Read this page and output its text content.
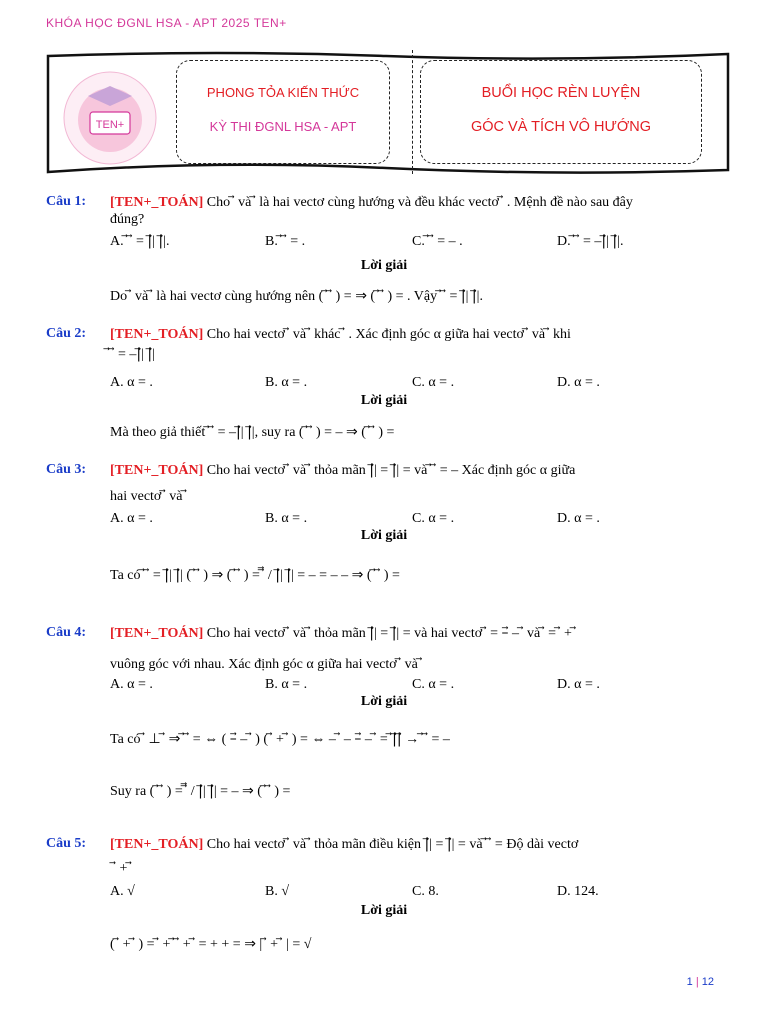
KHÓA HỌC ĐGNL HSA - APT 2025 TEN+
TEN+
PHONG TỎA KIẾN THỨC
KỲ THI ĐGNL HSA - APT
BUỔI HỌC RÈN LUYỆN
GÓC VÀ TÍCH VÔ HƯỚNG
Câu 1: [TEN+_TOÁN] Cho ⃗ và ⃗ là hai vectơ cùng hướng và đều khác vectơ ⃗ . Mệnh đề nào sau đây
đúng?
A. ⃗ ⃗ = |⃗| |⃗|.	B. ⃗ ⃗ = .	C. ⃗ ⃗ = – .	D. ⃗ ⃗ = –|⃗| |⃗|.
Lời giải
Do ⃗ và ⃗ là hai vectơ cùng hướng nên ( ⃗ ⃗ ) = ⇒ ( ⃗ ⃗ ) = . Vậy ⃗ ⃗ = |⃗| |⃗|.
Câu 2: [TEN+_TOÁN] Cho hai vectơ ⃗ và ⃗ khác ⃗ . Xác định góc α giữa hai vectơ ⃗ và ⃗ khi
⃗ ⃗ = –|⃗| |⃗|
A. α = .	B. α = .	C. α = .	D. α = .
Lời giải
Mà theo giả thiết ⃗ ⃗ = –|⃗| |⃗|, suy ra ( ⃗ ⃗ ) = – ⇒ ( ⃗ ⃗ ) =
Câu 3: [TEN+_TOÁN] Cho hai vectơ ⃗ và ⃗ thỏa mãn |⃗| = |⃗| = và ⃗ ⃗ = – Xác định góc α giữa
hai vectơ ⃗ và ⃗
A. α = .	B. α = .	C. α = .	D. α = .
Lời giải
Ta có ⃗ ⃗ = |⃗| |⃗| ( ⃗ ⃗ ) ⇒ ( ⃗ ⃗ ) = ⃗⃗ / |⃗| |⃗| = – = – – ⇒ ( ⃗ ⃗ ) =
Câu 4: [TEN+_TOÁN] Cho hai vectơ ⃗ và ⃗ thỏa mãn |⃗| = |⃗| = và hai vectơ ⃗ = –⃗ – ⃗ và ⃗ = ⃗ + ⃗
vuông góc với nhau. Xác định góc α giữa hai vectơ ⃗ và ⃗
A. α = .	B. α = .	C. α = .	D. α = .
Lời giải
Ta có ⃗ ⊥ ⃗ ⇒ ⃗ ⃗ = ⇔ ( –⃗ – ⃗ ) ( ⃗ + ⃗ ) = ⇔ – ⃗ – –⃗ – ⃗ = ⃗|⃗|⃗ → ⃗ ⃗ = –
Suy ra ( ⃗ ⃗ ) = ⃗⃗ / |⃗| |⃗| = – ⇒ ( ⃗ ⃗ ) =
Câu 5: [TEN+_TOÁN] Cho hai vectơ ⃗ và ⃗ thỏa mãn điều kiện |⃗| = |⃗| = và ⃗ ⃗ = Độ dài vectơ
⃗ + ⃗
A. √	B. √	C. 8.	D. 124.
Lời giải
( ⃗ + ⃗ ) = ⃗ + ⃗ ⃗ + ⃗ = + + = ⇒ | ⃗ + ⃗ | = √
1 | 12
